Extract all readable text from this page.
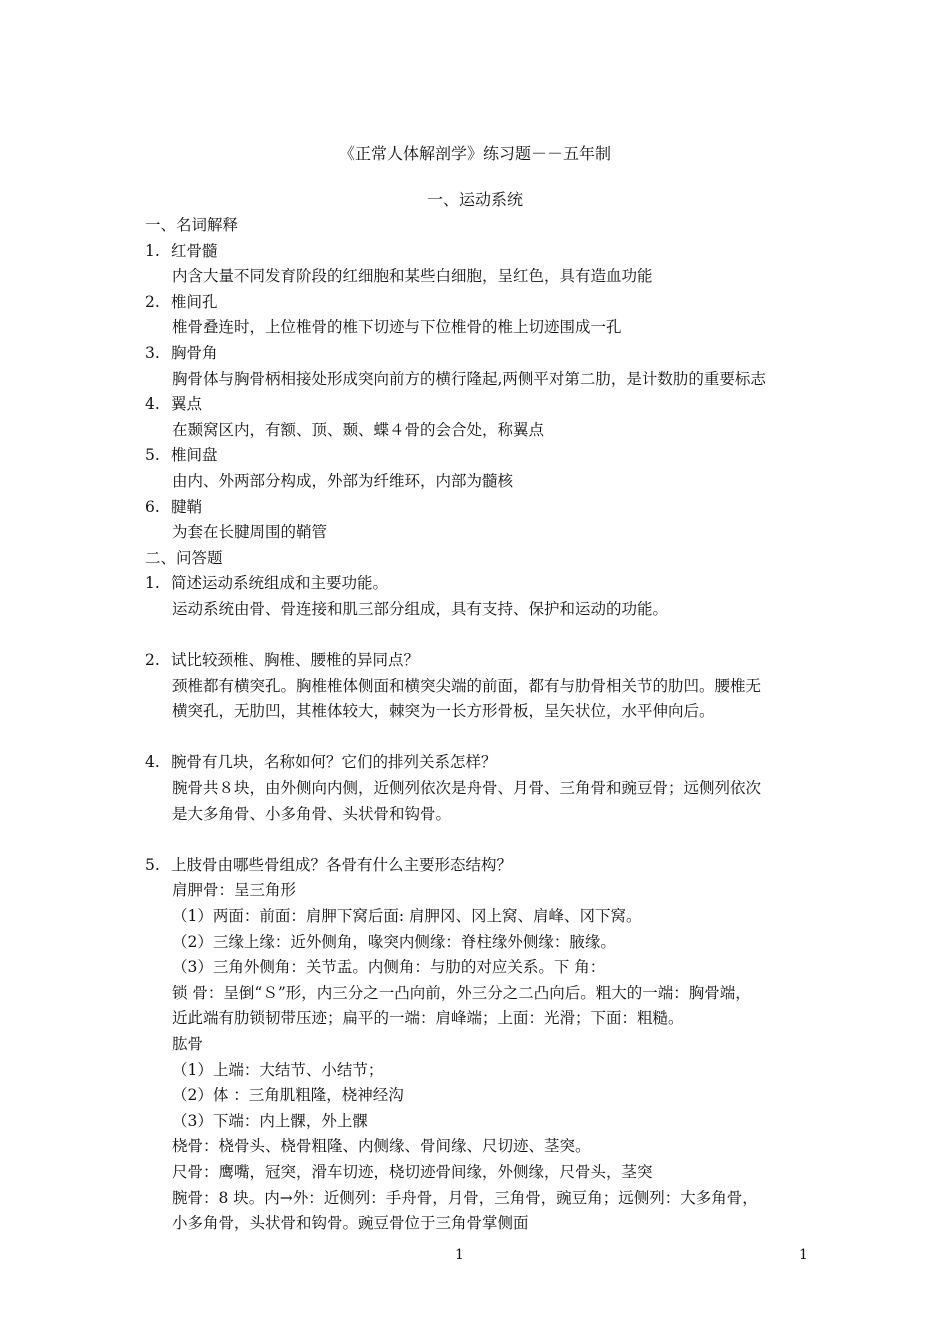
《正常人体解剖学》练习题－－五年制
一、运动系统
一、名词解释
1. 红骨髓
内含大量不同发育阶段的红细胞和某些白细胞，呈红色，具有造血功能
2. 椎间孔
椎骨叠连时，上位椎骨的椎下切迹与下位椎骨的椎上切迹围成一孔
3. 胸骨角
胸骨体与胸骨柄相接处形成突向前方的横行隆起,两侧平对第二肋，是计数肋的重要标志
4. 翼点
在颞窝区内，有额、顶、颞、蝶４骨的会合处，称翼点
5. 椎间盘
由内、外两部分构成，外部为纤维环，内部为髓核
6. 腱鞘
为套在长腱周围的鞘管
二、问答题
1. 简述运动系统组成和主要功能。
运动系统由骨、骨连接和肌三部分组成，具有支持、保护和运动的功能。
2. 试比较颈椎、胸椎、腰椎的异同点？
颈椎都有横突孔。胸椎椎体侧面和横突尖端的前面，都有与肋骨相关节的肋凹。腰椎无
横突孔，无肋凹，其椎体较大，棘突为一长方形骨板，呈矢状位，水平伸向后。
4. 腕骨有几块，名称如何？它们的排列关系怎样？
腕骨共８块，由外侧向内侧，近侧列依次是舟骨、月骨、三角骨和豌豆骨；远侧列依次
是大多角骨、小多角骨、头状骨和钩骨。
5. 上肢骨由哪些骨组成？各骨有什么主要形态结构？
肩胛骨：呈三角形
（1）两面：前面：肩胛下窝后面: 肩胛冈、冈上窝、肩峰、冈下窝。
（2）三缘上缘：近外侧角，喙突内侧缘：脊柱缘外侧缘：腋缘。
（3）三角外侧角：关节盂。内侧角：与肋的对应关系。下 角：
锁 骨：呈倒“Ｓ”形，内三分之一凸向前，外三分之二凸向后。粗大的一端：胸骨端，
近此端有肋锁韧带压迹；扁平的一端：肩峰端；上面：光滑；下面：粗糙。
肱骨
（1）上端：大结节、小结节；
（2）体 ：三角肌粗隆，桡神经沟
（3）下端：内上髁，外上髁
桡骨：桡骨头、桡骨粗隆、内侧缘、骨间缘、尺切迹、茎突。
尺骨：鹰嘴，冠突，滑车切迹，桡切迹骨间缘，外侧缘，尺骨头，茎突
腕骨：8 块。内→外：近侧列：手舟骨，月骨，三角骨，豌豆角；远侧列：大多角骨，
小多角骨，头状骨和钩骨。豌豆骨位于三角骨掌侧面
1	1
